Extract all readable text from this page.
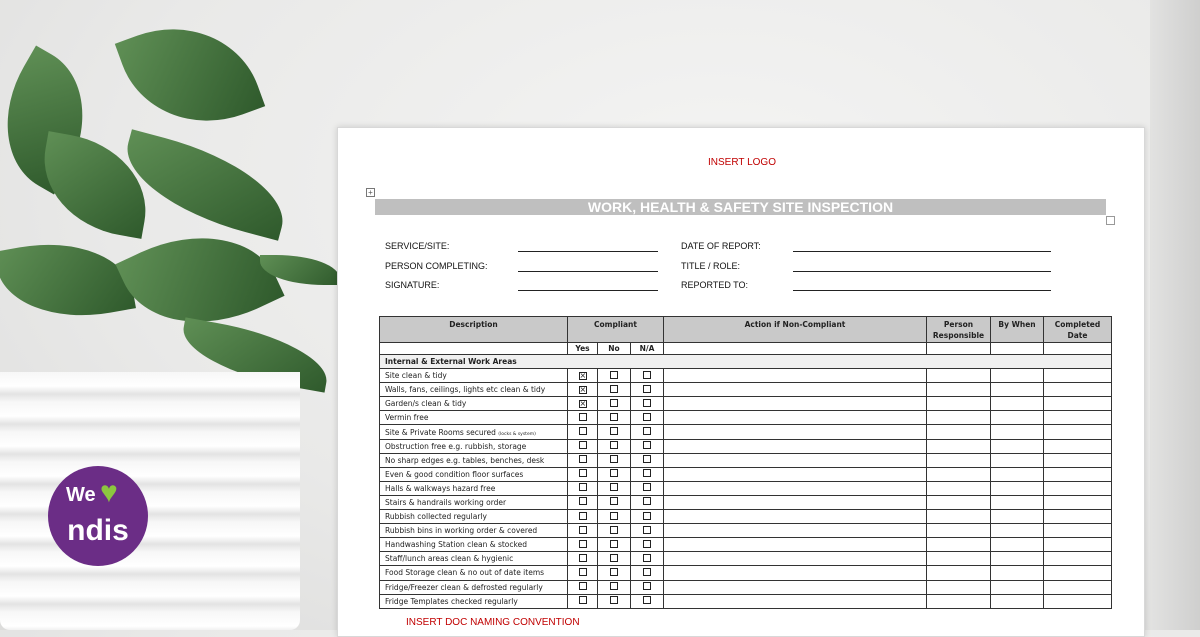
We ♥
ndis
INSERT LOGO
+
WORK, HEALTH & SAFETY SITE INSPECTION
SERVICE/SITE:
PERSON COMPLETING:
SIGNATURE:
DATE OF REPORT:
TITLE / ROLE:
REPORTED TO:
Description	Compliant			Action if Non-Compliant	Person Responsible	By When	Completed Date
	Yes	No	N/A				
Internal & External Work Areas							
Site clean & tidy	×						
Walls, fans, ceilings, lights etc clean & tidy	×						
Garden/s clean & tidy	×						
Vermin free							
Site & Private Rooms secured (locks & system)							
Obstruction free e.g. rubbish, storage							
No sharp edges e.g. tables, benches, desk							
Even & good condition floor surfaces							
Halls & walkways hazard free							
Stairs & handrails working order							
Rubbish collected regularly							
Rubbish bins in working order & covered							
Handwashing Station clean & stocked							
Staff/lunch areas clean & hygienic							
Food Storage clean & no out of date items							
Fridge/Freezer clean & defrosted regularly							
Fridge Templates checked regularly							
INSERT DOC NAMING CONVENTION
